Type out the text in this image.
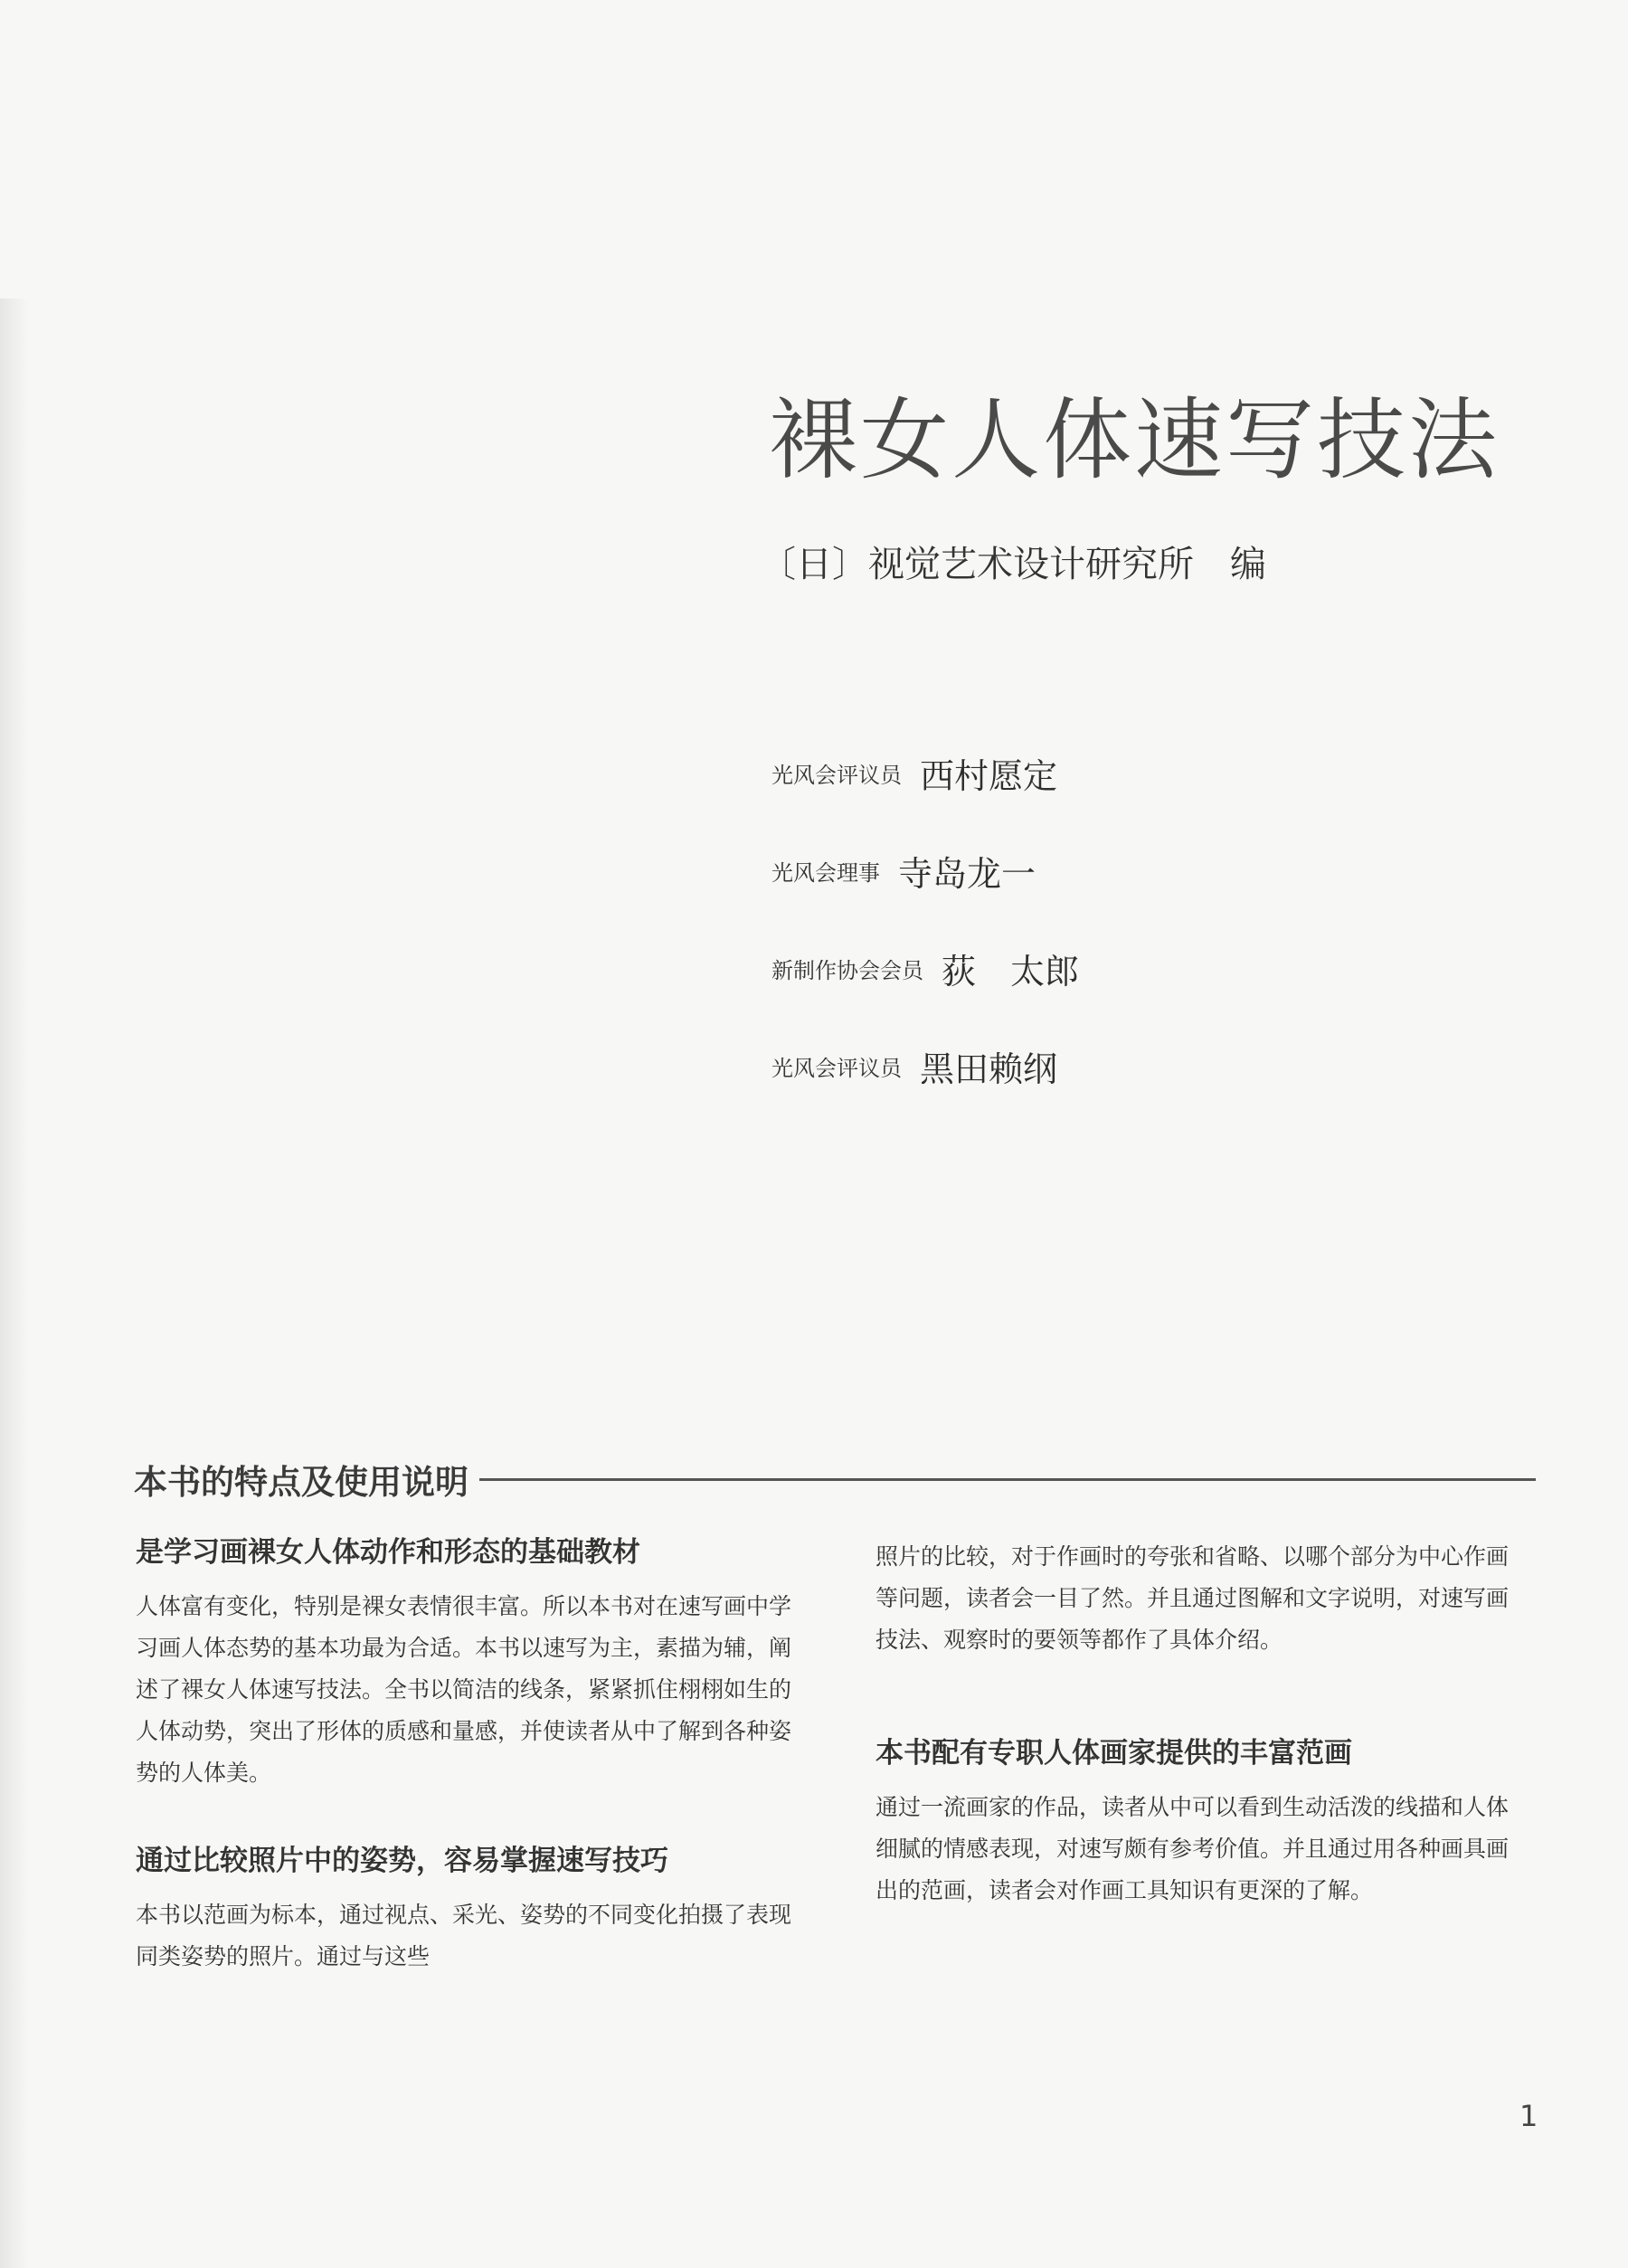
裸女人体速写技法
〔日〕视觉艺术设计研究所 编
光风会评议员 西村愿定
光风会理事 寺岛龙一
新制作协会会员 荻　太郎
光风会评议员 黑田赖纲
本书的特点及使用说明
是学习画裸女人体动作和形态的基础教材

人体富有变化，特别是裸女表情很丰富。所以本书对在速写画中学习画人体态势的基本功最为合适。本书以速写为主，素描为辅，阐述了裸女人体速写技法。全书以简洁的线条，紧紧抓住栩栩如生的人体动势，突出了形体的质感和量感，并使读者从中了解到各种姿势的人体美。

通过比较照片中的姿势，容易掌握速写技巧

本书以范画为标本，通过视点、采光、姿势的不同变化拍摄了表现同类姿势的照片。通过与这些

照片的比较，对于作画时的夸张和省略、以哪个部分为中心作画等问题，读者会一目了然。并且通过图解和文字说明，对速写画技法、观察时的要领等都作了具体介绍。

本书配有专职人体画家提供的丰富范画

通过一流画家的作品，读者从中可以看到生动活泼的线描和人体细腻的情感表现，对速写颇有参考价值。并且通过用各种画具画出的范画，读者会对作画工具知识有更深的了解。

1
